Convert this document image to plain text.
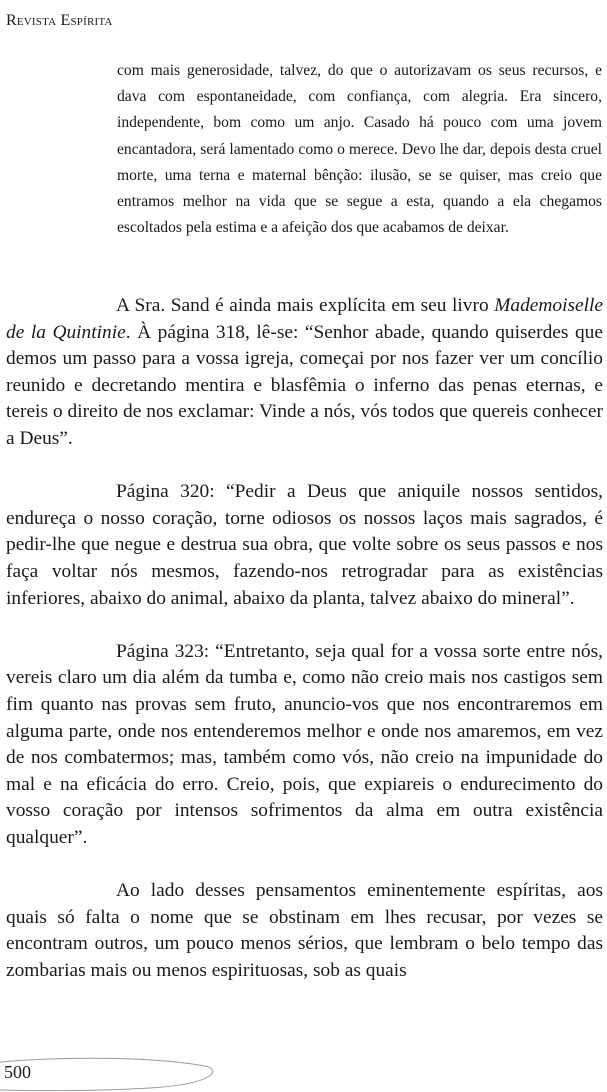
Revista Espírita

com mais generosidade, talvez, do que o autorizavam os seus recursos, e dava com espontaneidade, com confiança, com alegria. Era sincero, independente, bom como um anjo. Casado há pouco com uma jovem encantadora, será lamentado como o merece. Devo lhe dar, depois desta cruel morte, uma terna e maternal bênção: ilusão, se se quiser, mas creio que entramos melhor na vida que se segue a esta, quando a ela chegamos escoltados pela estima e a afeição dos que acabamos de deixar.

A Sra. Sand é ainda mais explícita em seu livro Mademoiselle de la Quintinie. À página 318, lê-se: “Senhor abade, quando quiserdes que demos um passo para a vossa igreja, começai por nos fazer ver um concílio reunido e decretando mentira e blasfêmia o inferno das penas eternas, e tereis o direito de nos exclamar: Vinde a nós, vós todos que quereis conhecer a Deus”.

Página 320: “Pedir a Deus que aniquile nossos sentidos, endureça o nosso coração, torne odiosos os nossos laços mais sagrados, é pedir-lhe que negue e destrua sua obra, que volte sobre os seus passos e nos faça voltar nós mesmos, fazendo-nos retrogradar para as existências inferiores, abaixo do animal, abaixo da planta, talvez abaixo do mineral”.

Página 323: “Entretanto, seja qual for a vossa sorte entre nós, vereis claro um dia além da tumba e, como não creio mais nos castigos sem fim quanto nas provas sem fruto, anuncio-vos que nos encontraremos em alguma parte, onde nos entenderemos melhor e onde nos amaremos, em vez de nos combatermos; mas, também como vós, não creio na impunidade do mal e na eficácia do erro. Creio, pois, que expiareis o endurecimento do vosso coração por intensos sofrimentos da alma em outra existência qualquer”.

Ao lado desses pensamentos eminentemente espíritas, aos quais só falta o nome que se obstinam em lhes recusar, por vezes se encontram outros, um pouco menos sérios, que lembram o belo tempo das zombarias mais ou menos espirituosas, sob as quais

500
